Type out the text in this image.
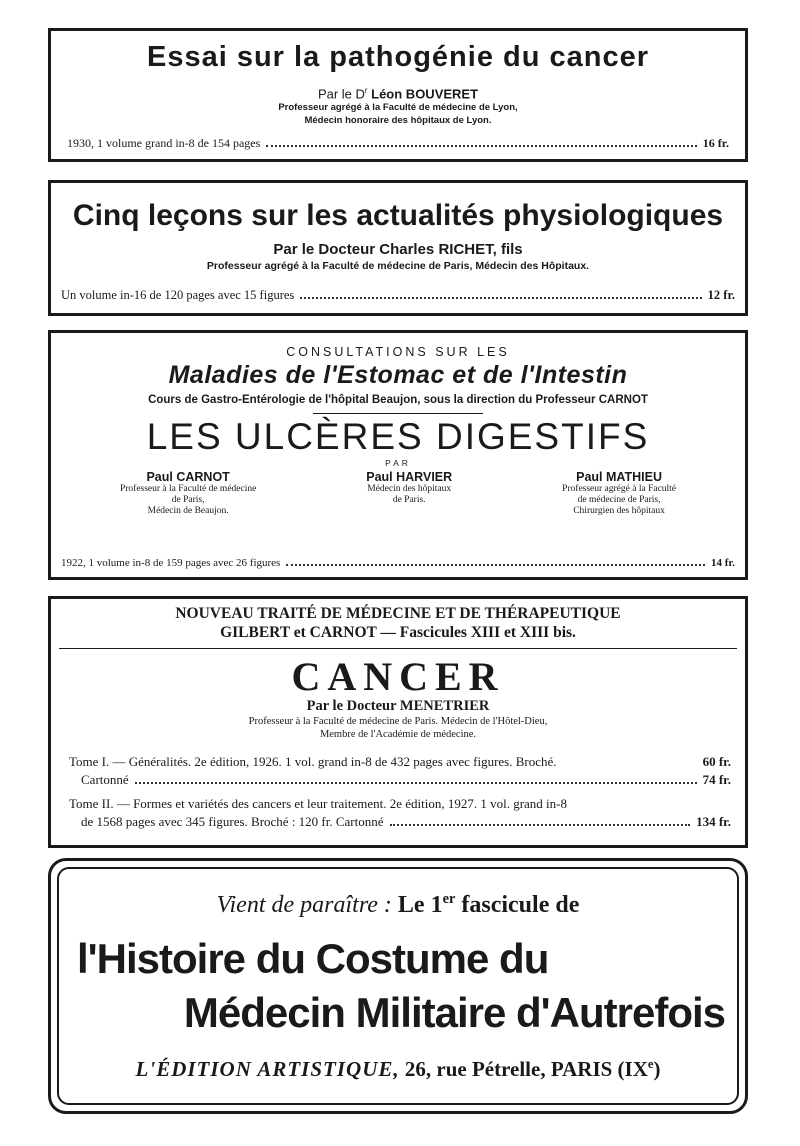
Essai sur la pathogénie du cancer
Par le $D^r$ Léon BOUVERET
Professeur agrégé à la Faculté de médecine de Lyon,
Médecin honoraire des hôpitaux de Lyon.
1930, 1 volume grand in-8 de 154 pages	16 fr.
Cinq leçons sur les actualités physiologiques
Par le Docteur Charles RICHET, fils
Professeur agrégé à la Faculté de médecine de Paris, Médecin des Hôpitaux.
Un volume in-16 de 120 pages avec 15 figures	12 fr.
CONSULTATIONS SUR LES
Maladies de l'Estomac et de l'Intestin
Cours de Gastro-Entérologie de l'hôpital Beaujon, sous la direction du Professeur CARNOT
LES ULCÈRES DIGESTIFS
PAR
Paul CARNOT
Professeur à la Faculté de médecine
de Paris,
Médecin de Beaujon.
Paul HARVIER
Médecin des hôpitaux
de Paris.
Paul MATHIEU
Professeur agrégé à la Faculté
de médecine de Paris,
Chirurgien des hôpitaux
1922, 1 volume in-8 de 159 pages avec 26 figures	14 fr.
NOUVEAU TRAITÉ DE MÉDECINE ET DE THÉRAPEUTIQUE
GILBERT et CARNOT — Fascicules XIII et XIII bis.
CANCER
Par le Docteur MENETRIER
Professeur à la Faculté de médecine de Paris. Médecin de l'Hôtel-Dieu,
Membre de l'Académie de médecine.
Tome I. — Généralités. 2e édition, 1926. 1 vol. grand in-8 de 432 pages avec figures. Broché.	60 fr.
Cartonné	74 fr.
Tome II. — Formes et variétés des cancers et leur traitement. 2e édition, 1927. 1 vol. grand in-8
de 1568 pages avec 345 figures. Broché : 120 fr. Cartonné	134 fr.
Vient de paraître : Le 1er fascicule de
l'Histoire du Costume du
Médecin Militaire d'Autrefois
L'ÉDITION ARTISTIQUE, 26, rue Pétrelle, PARIS (IXe)
